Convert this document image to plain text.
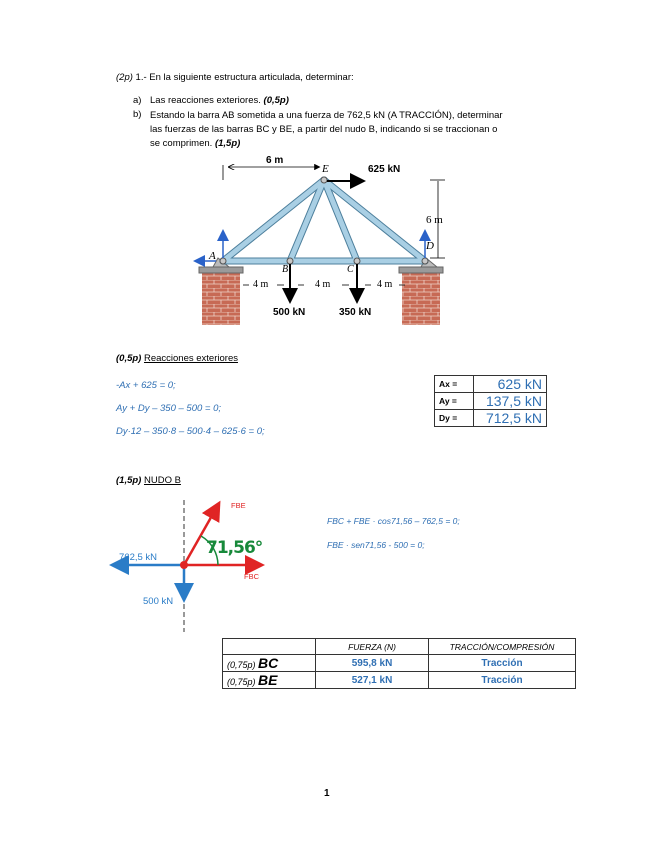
(2p) 1.- En la siguiente estructura articulada, determinar:
a) Las reacciones exteriores. (0,5p)
b) Estando la barra AB sometida a una fuerza de 762,5 kN (A TRACCIÓN), determinar
las fuerzas de las barras BC y BE, a partir del nudo B, indicando si se traccionan o
se comprimen. (1,5p)
6 m
625 kN
6 m
E
A
B	C
D
4 m	4 m	4 m
500 kN	350 kN
(0,5p) Reacciones exteriores
-Ax + 625 = 0;
Ay + Dy – 350 – 500 = 0;
Dy·12 – 350·8 – 500·4 – 625·6 = 0;
Ax =	625 kN
Ay =	137,5 kN
Dy =	712,5 kN
(1,5p) NUDO B
FBE
FBC
762,5 kN
500 kN
71,56°
FBC + FBE · cos71,56 – 762,5 = 0;
FBE · sen71,56 - 500 = 0;
	FUERZA (N)	TRACCIÓN/COMPRESIÓN
(0,75p) BC	595,8 kN	Tracción
(0,75p) BE	527,1 kN	Tracción
1
